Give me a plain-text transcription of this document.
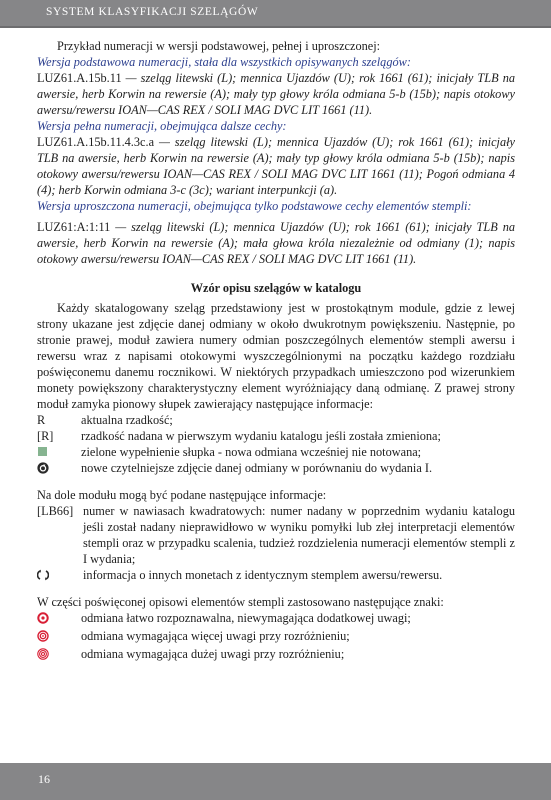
SYSTEM KLASYFIKACJI SZELĄGÓW

Przykład numeracji w wersji podstawowej, pełnej i uproszczonej:

Wersja podstawowa numeracji, stała dla wszystkich opisywanych szelągów:

LUZ61.A.15b.11 — szeląg litewski (L); mennica Ujazdów (U); rok 1661 (61); inicjały TLB na awersie, herb Korwin na rewersie (A); mały typ głowy króla odmiana 5-b (15b); napis otokowy awersu/rewersu IOAN—CAS REX / SOLI MAG DVC LIT 1661 (11).

Wersja pełna numeracji, obejmująca dalsze cechy:

LUZ61.A.15b.11.4.3c.a — szeląg litewski (L); mennica Ujazdów (U); rok 1661 (61); inicjały TLB na awersie, herb Korwin na rewersie (A); mały typ głowy króla odmiana 5-b (15b); napis otokowy awersu/rewersu IOAN—CAS REX / SOLI MAG DVC LIT 1661 (11); Pogoń odmiana 4 (4); herb Korwin odmiana 3-c (3c); wariant interpunkcji (a).

Wersja uproszczona numeracji, obejmująca tylko podstawowe cechy elementów stempli:

LUZ61:A:1:11 — szeląg litewski (L); mennica Ujazdów (U); rok 1661 (61); inicjały TLB na awersie, herb Korwin na rewersie (A); mała głowa króla niezależnie od odmiany (1); napis otokowy awersu/rewersu IOAN—CAS REX / SOLI MAG DVC LIT 1661 (11).

Wzór opisu szelągów w katalogu

Każdy skatalogowany szeląg przedstawiony jest w prostokątnym module, gdzie z lewej strony ukazane jest zdjęcie danej odmiany w około dwukrotnym powiększeniu. Następnie, po stronie prawej, moduł zawiera numery odmian poszczególnych elementów stempli awersu i rewersu wraz z napisami otokowymi wyszczególnionymi na początku każdego rozdziału poświęconemu danemu rocznikowi. W niektórych przypadkach umieszczono pod wizerunkiem monety powiększony charakterystyczny element wyróżniający daną odmianę. Z prawej strony moduł zamyka pionowy słupek zawierający następujące informacje:

R	aktualna rzadkość;
[R]	rzadkość nadana w pierwszym wydaniu katalogu jeśli została zmieniona;
zielone wypełnienie słupka - nowa odmiana wcześniej nie notowana;
nowe czytelniejsze zdjęcie danej odmiany w porównaniu do wydania I.

Na dole modułu mogą być podane następujące informacje:

[LB66] numer w nawiasach kwadratowych: numer nadany w poprzednim wydaniu katalogu jeśli został nadany nieprawidłowo w wyniku pomyłki lub złej interpretacji elementów stempli oraz w przypadku scalenia, tudzież rozdzielenia numeracji elementów stempli z I wydania;
informacja o innych monetach z identycznym stemplem awersu/rewersu.

W części poświęconej opisowi elementów stempli zastosowano następujące znaki:

odmiana łatwo rozpoznawalna, niewymagająca dodatkowej uwagi;
odmiana wymagająca więcej uwagi przy rozróżnieniu;
odmiana wymagająca dużej uwagi przy rozróżnieniu;
16
